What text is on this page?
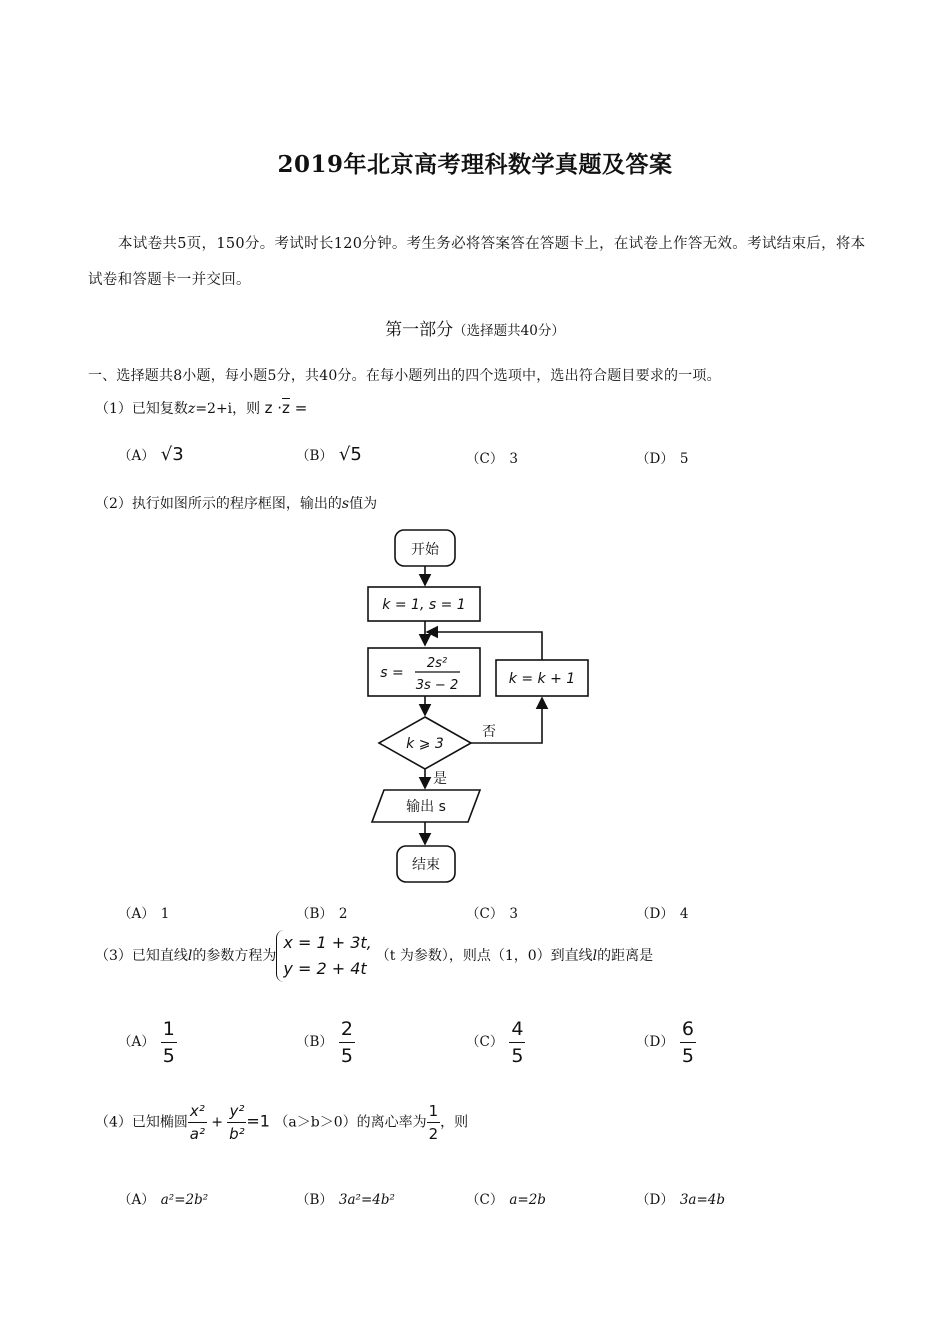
2019年北京高考理科数学真题及答案
本试卷共5页，150分。考试时长120分钟。考生务必将答案答在答题卡上，在试卷上作答无效。考试结束后，将本试卷和答题卡一并交回。
第一部分（选择题共40分）
一、选择题共8小题，每小题5分，共40分。在每小题列出的四个选项中，选出符合题目要求的一项。
（1）已知复数z=2+i，则 $z \cdot\overline{z}$ =
（A） √3	（B） √5	（C） 3	（D） 5
（2）执行如图所示的程序框图，输出的s值为
开始
k = 1, s = 1
s =
2s²
3s − 2	k = k + 1
k ⩾ 3
否
是
输出 s
结束
（A） 1	（B） 2	（C） 3	（D） 4
（3）已知直线l的参数方程为x = 1 + 3t,
y = 2 + 4t（t 为参数），则点（1，0）到直线l的距离是
$(A) \frac{1}{5}$	$(B) \frac{2}{5}$	$(C) \frac{4}{5}$	$(D) \frac{6}{5}$
（4）已知椭圆 $\frac{\text{x²}}{\text{a²}} + \frac{\text{y²}}{\text{b²}} =1$ （a＞b＞0）的离心率为 $\frac{1}{2}$ ，则
（A） a²=2b²	（B） 3a²=4b²	（C） a=2b	（D） 3a=4b
